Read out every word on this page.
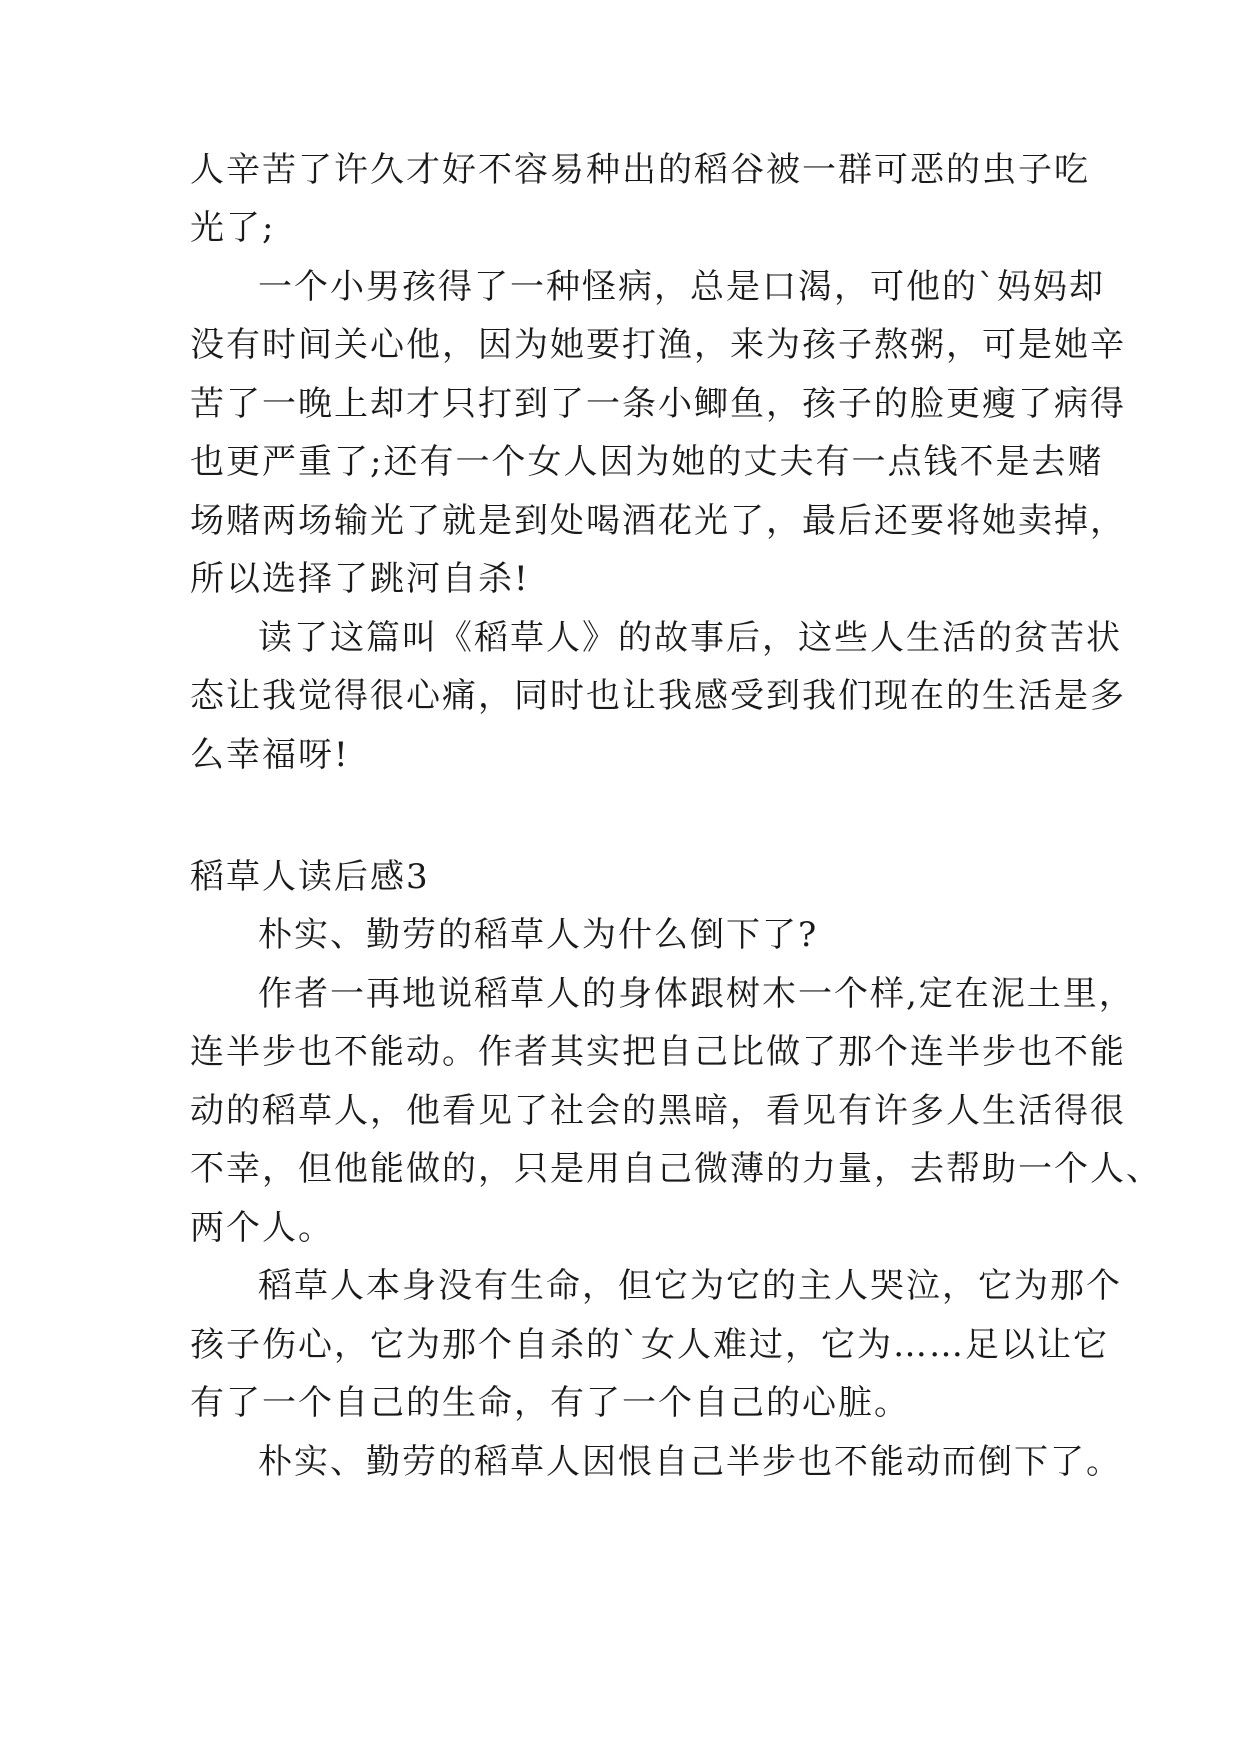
人辛苦了许久才好不容易种出的稻谷被一群可恶的虫子吃
光了;
一个小男孩得了一种怪病，总是口渴，可他的`妈妈却
没有时间关心他，因为她要打渔，来为孩子熬粥，可是她辛
苦了一晚上却才只打到了一条小鲫鱼，孩子的脸更瘦了病得
也更严重了;还有一个女人因为她的丈夫有一点钱不是去赌
场赌两场输光了就是到处喝酒花光了，最后还要将她卖掉，
所以选择了跳河自杀!
读了这篇叫《稻草人》的故事后，这些人生活的贫苦状
态让我觉得很心痛，同时也让我感受到我们现在的生活是多
么幸福呀!
稻草人读后感3
朴实、勤劳的稻草人为什么倒下了?
作者一再地说稻草人的身体跟树木一个样,定在泥土里，
连半步也不能动。作者其实把自己比做了那个连半步也不能
动的稻草人，他看见了社会的黑暗，看见有许多人生活得很
不幸，但他能做的，只是用自己微薄的力量，去帮助一个人、
两个人。
稻草人本身没有生命，但它为它的主人哭泣，它为那个
孩子伤心，它为那个自杀的`女人难过，它为……足以让它
有了一个自己的生命，有了一个自己的心脏。
朴实、勤劳的稻草人因恨自己半步也不能动而倒下了。
